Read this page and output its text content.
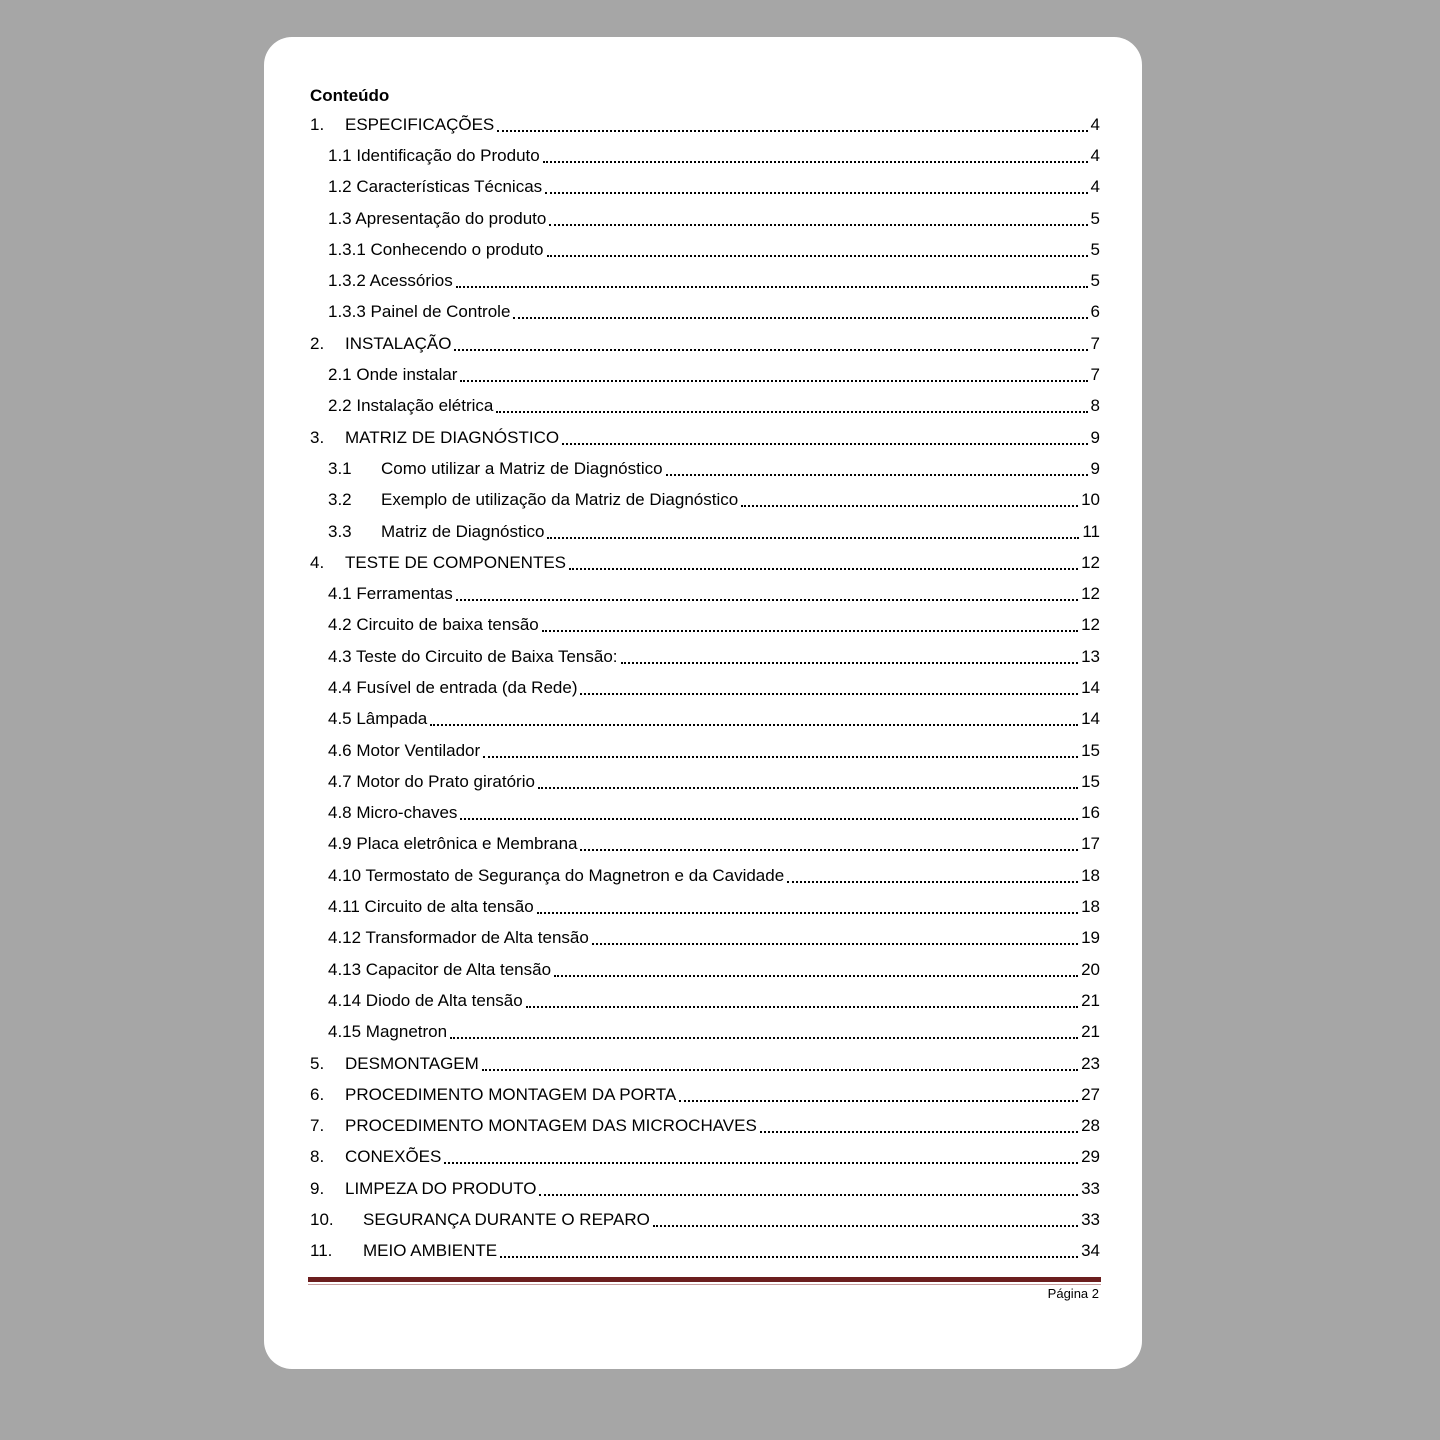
Conteúdo
1.	ESPECIFICAÇÕES	4
1.1 Identificação do Produto	4
1.2 Características Técnicas	4
1.3 Apresentação do produto	5
1.3.1 Conhecendo o produto	5
1.3.2 Acessórios	5
1.3.3 Painel de Controle	6
2.	INSTALAÇÃO	7
2.1 Onde instalar	7
2.2 Instalação elétrica	8
3.	MATRIZ DE DIAGNÓSTICO	9
3.1	Como utilizar a Matriz de Diagnóstico	9
3.2	Exemplo de utilização da Matriz de Diagnóstico	10
3.3	Matriz de Diagnóstico	11
4.	TESTE DE COMPONENTES	12
4.1 Ferramentas	12
4.2 Circuito de baixa tensão	12
4.3 Teste do Circuito de Baixa Tensão:	13
4.4 Fusível de entrada (da Rede)	14
4.5 Lâmpada	14
4.6 Motor Ventilador	15
4.7 Motor do Prato giratório	15
4.8 Micro-chaves	16
4.9 Placa eletrônica e Membrana	17
4.10 Termostato de Segurança do Magnetron e da Cavidade	18
4.11 Circuito de alta tensão	18
4.12 Transformador de Alta tensão	19
4.13 Capacitor de Alta tensão	20
4.14 Diodo de Alta tensão	21
4.15 Magnetron	21
5.	DESMONTAGEM	23
6.	PROCEDIMENTO MONTAGEM DA PORTA	27
7.	PROCEDIMENTO MONTAGEM DAS MICROCHAVES	28
8.	CONEXÕES	29
9.	LIMPEZA DO PRODUTO	33
10.	SEGURANÇA DURANTE O REPARO	33
11.	MEIO AMBIENTE	34
Página 2
